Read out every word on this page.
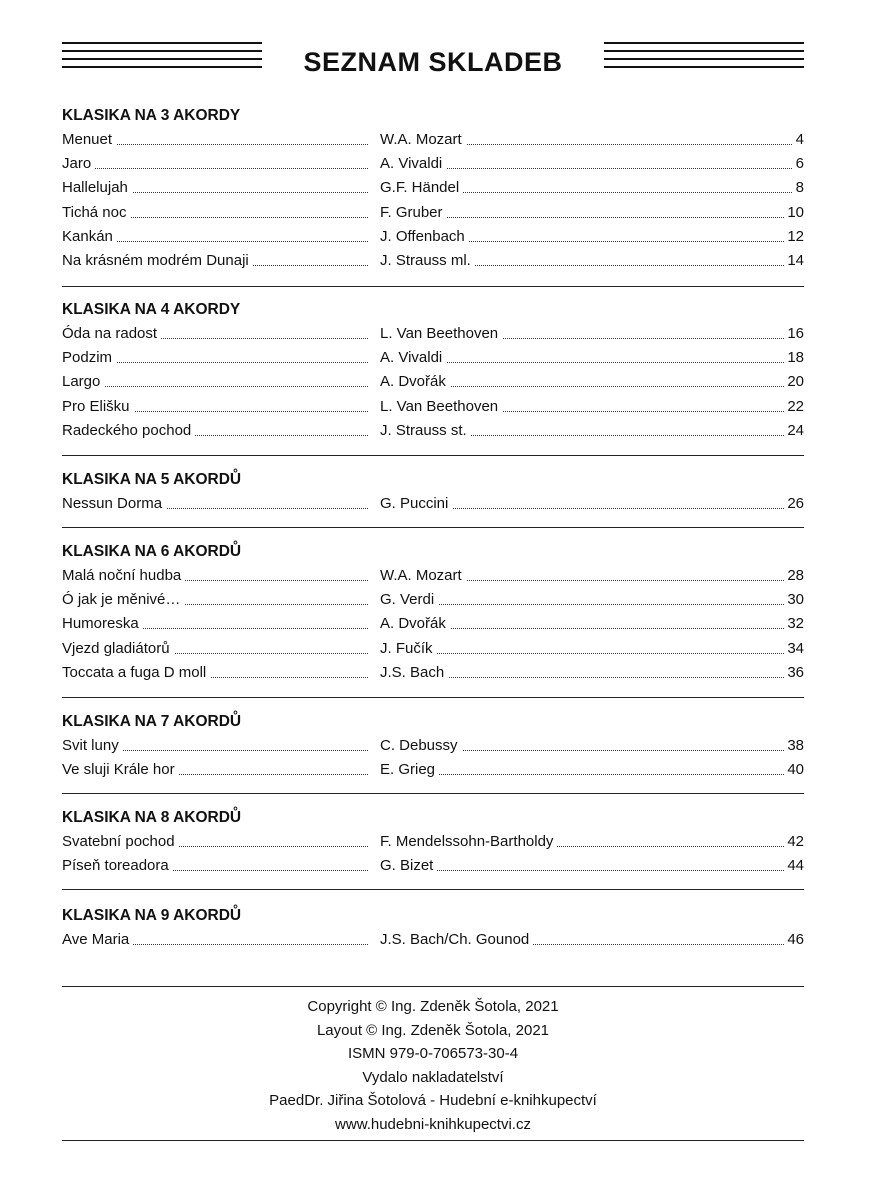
SEZNAM SKLADEB
KLASIKA NA 3 AKORDY
Menuet	W.A. Mozart	4
Jaro	A. Vivaldi	6
Hallelujah	G.F. Händel	8
Tichá noc	F. Gruber	10
Kankán	J. Offenbach	12
Na krásném modrém Dunaji	J. Strauss ml.	14
KLASIKA NA 4 AKORDY
Óda na radost	L. Van Beethoven	16
Podzim	A. Vivaldi	18
Largo	A. Dvořák	20
Pro Elišku	L. Van Beethoven	22
Radeckého pochod	J. Strauss st.	24
KLASIKA NA 5 AKORDŮ
Nessun Dorma	G. Puccini	26
KLASIKA NA 6 AKORDŮ
Malá noční hudba	W.A. Mozart	28
Ó jak je měnivé…	G. Verdi	30
Humoreska	A. Dvořák	32
Vjezd gladiátorů	J. Fučík	34
Toccata a fuga D moll	J.S. Bach	36
KLASIKA NA 7 AKORDŮ
Svit luny	C. Debussy	38
Ve sluji Krále hor	E. Grieg	40
KLASIKA NA 8 AKORDŮ
Svatební pochod	F. Mendelssohn-Bartholdy	42
Píseň toreadora	G. Bizet	44
KLASIKA NA 9 AKORDŮ
Ave Maria	J.S. Bach/Ch. Gounod	46
Copyright © Ing. Zdeněk Šotola, 2021
Layout © Ing. Zdeněk Šotola, 2021
ISMN 979-0-706573-30-4
Vydalo nakladatelství
PaedDr. Jiřina Šotolová - Hudební e-knihkupectví
www.hudebni-knihkupectvi.cz
